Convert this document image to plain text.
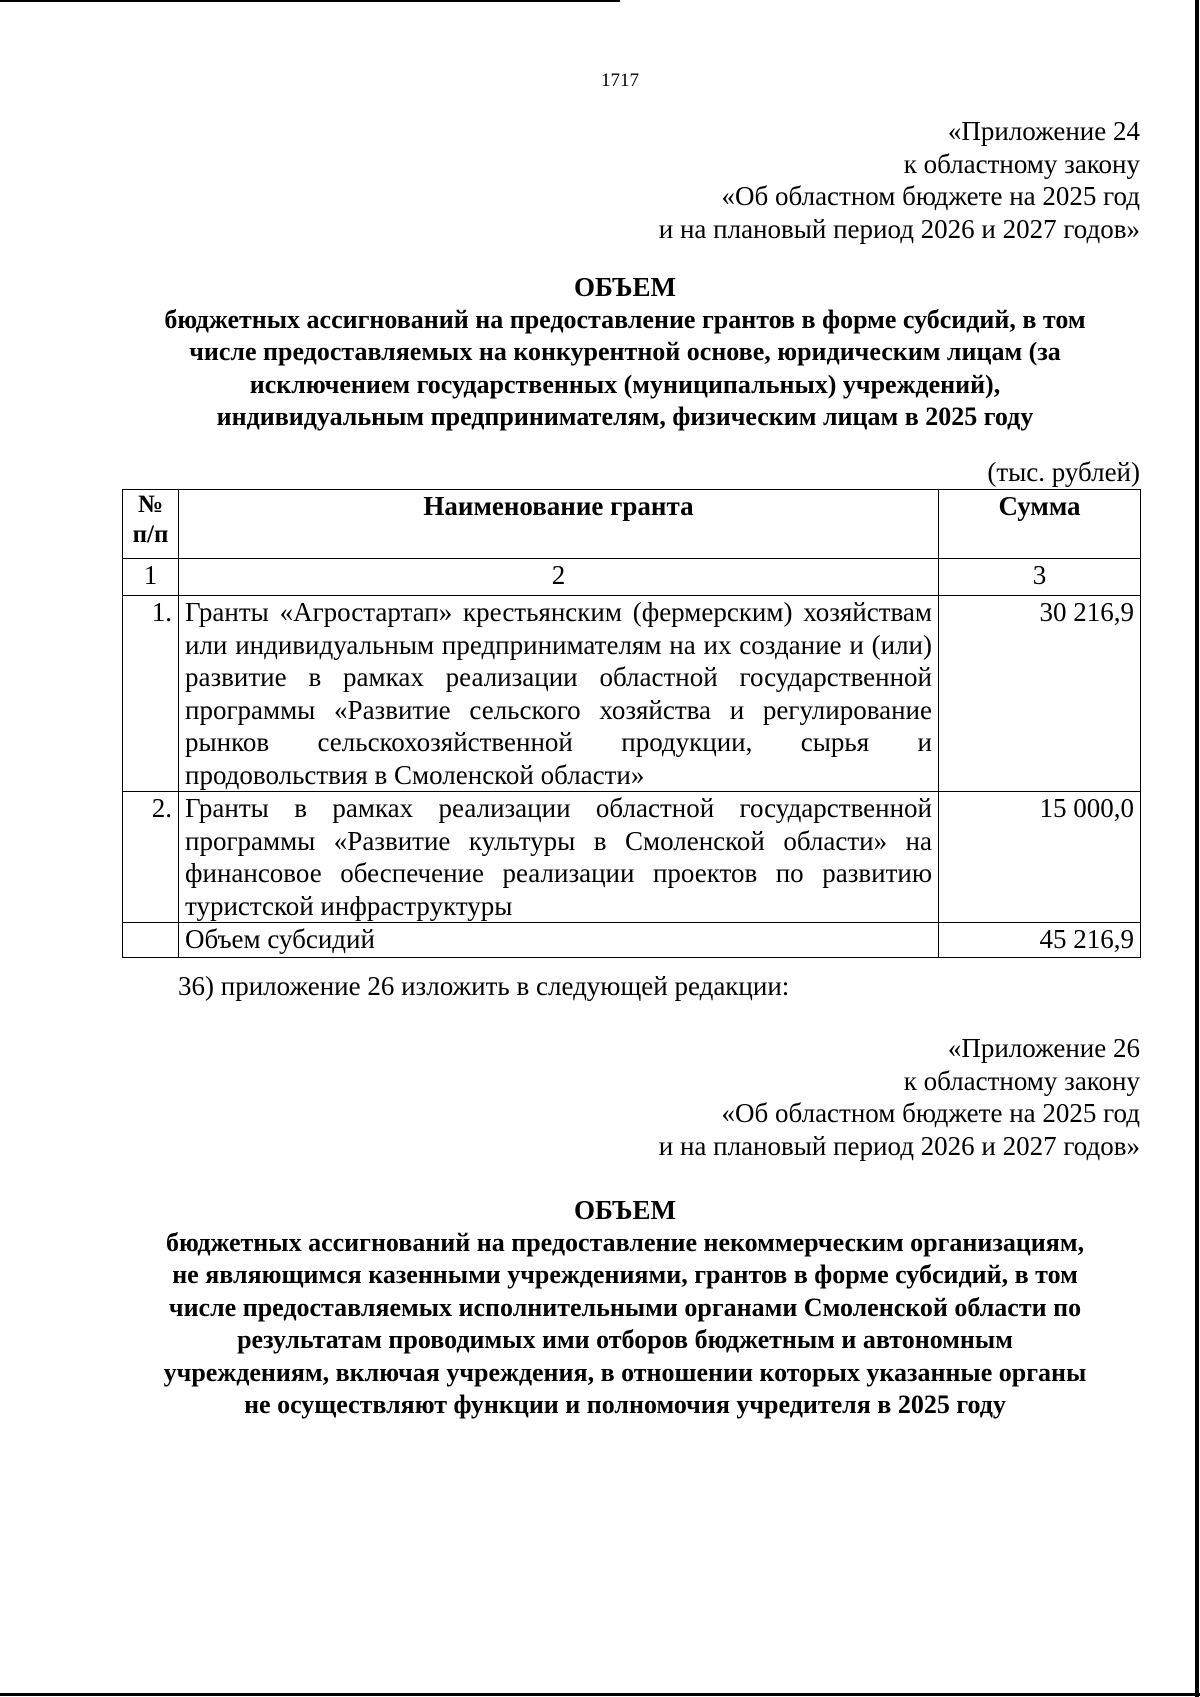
1717
«Приложение 24
к областному закону
«Об областном бюджете на 2025 год
и на плановый период 2026 и 2027 годов»
ОБЪЕМ
бюджетных ассигнований на предоставление грантов в форме субсидий, в том
числе предоставляемых на конкурентной основе, юридическим лицам (за
исключением государственных (муниципальных) учреждений),
индивидуальным предпринимателям, физическим лицам в 2025 году
(тыс. рублей)
№ п/п	Наименование гранта	Сумма
1	2	3
1.	Гранты «Агростартап» крестьянским (фермерским) хозяйствам или индивидуальным предпринимателям на их создание и (или) развитие в рамках реализации областной государственной программы «Развитие сельского хозяйства и регулирование рынков сельскохозяйственной продукции, сырья и продовольствия в Смоленской области»	30 216,9
2.	Гранты в рамках реализации областной государственной программы «Развитие культуры в Смоленской области» на финансовое обеспечение реализации проектов по развитию туристской инфраструктуры	15 000,0
	Объем субсидий	45 216,9
36) приложение 26 изложить в следующей редакции:
«Приложение 26
к областному закону
«Об областном бюджете на 2025 год
и на плановый период 2026 и 2027 годов»
ОБЪЕМ
бюджетных ассигнований на предоставление некоммерческим организациям,
не являющимся казенными учреждениями, грантов в форме субсидий, в том
числе предоставляемых исполнительными органами Смоленской области по
результатам проводимых ими отборов бюджетным и автономным
учреждениям, включая учреждения, в отношении которых указанные органы
не осуществляют функции и полномочия учредителя в 2025 году
